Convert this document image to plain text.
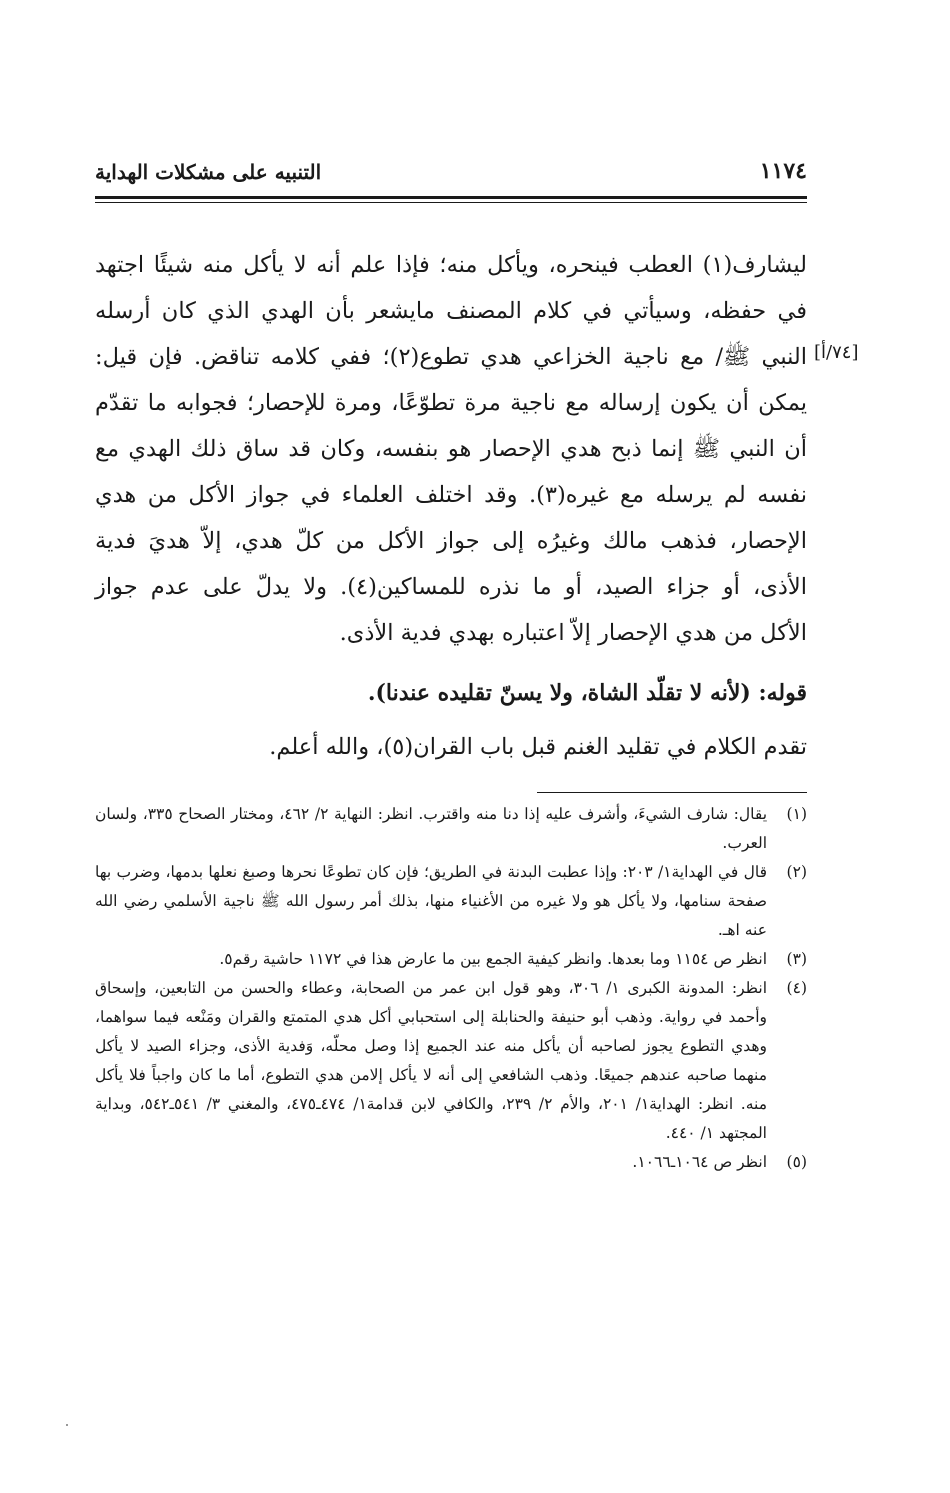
١١٧٤
التنبيه على مشكلات الهداية
[٧٤/أ]
ليشارف(١) العطب فينحره، ويأكل منه؛ فإذا علم أنه لا يأكل منه شيئًا اجتهد
في حفظه، وسيأتي في كلام المصنف مايشعر بأن الهدي الذي كان أرسله
النبي ﷺ/ مع ناجية الخزاعي هدي تطوع(٢)؛ ففي كلامه تناقض. فإن قيل:
يمكن أن يكون إرساله مع ناجية مرة تطوّعًا، ومرة للإحصار؛ فجوابه ما تقدّم
أن النبي ﷺ إنما ذبح هدي الإحصار هو بنفسه، وكان قد ساق ذلك الهدي مع
نفسه لم يرسله مع غيره(٣). وقد اختلف العلماء في جواز الأكل من هدي
الإحصار، فذهب مالك وغيرُه إلى جواز الأكل من كلّ هدي، إلاّ هديَ فدية
الأذى، أو جزاء الصيد، أو ما نذره للمساكين(٤). ولا يدلّ على عدم جواز
الأكل من هدي الإحصار إلاّ اعتباره بهدي فدية الأذى.
قوله: (لأنه لا تقلّد الشاة، ولا يسنّ تقليده عندنا).
تقدم الكلام في تقليد الغنم قبل باب القران(٥)، والله أعلم.
(١)
يقال: شارف الشيءَ، وأشرف عليه إذا دنا منه واقترب. انظر: النهاية ٢/ ٤٦٢، ومختار الصحاح ٣٣٥، ولسان العرب.
(٢)
قال في الهداية١/ ٢٠٣: وإذا عطبت البدنة في الطريق؛ فإن كان تطوعًا نحرها وصبغ نعلها بدمها، وضرب بها صفحة سنامها، ولا يأكل هو ولا غيره من الأغنياء منها، بذلك أمر رسول الله ﷺ ناجية الأسلمي رضي الله عنه اهـ.
(٣)
انظر ص ١١٥٤ وما بعدها. وانظر كيفية الجمع بين ما عارض هذا في ١١٧٢ حاشية رقم٥.
(٤)
انظر: المدونة الكبرى ١/ ٣٠٦، وهو قول ابن عمر من الصحابة، وعطاء والحسن من التابعين، وإسحاق وأحمد في رواية. وذهب أبو حنيفة والحنابلة إلى استحبابي أكل هدي المتمتع والقران ومَنْعه فيما سواهما، وهدي التطوع يجوز لصاحبه أن يأكل منه عند الجميع إذا وصل محلّه، وَفدية الأذى، وجزاء الصيد لا يأكل منهما صاحبه عندهم جميعًا. وذهب الشافعي إلى أنه لا يأكل إلامن هدي التطوع، أما ما كان واجباً فلا يأكل منه. انظر: الهداية١/ ٢٠١، والأم ٢/ ٢٣٩، والكافي لابن قدامة١/ ٤٧٤ـ٤٧٥، والمغني ٣/ ٥٤١ـ٥٤٢، وبداية المجتهد ١/ ٤٤٠.
(٥)
انظر ص ١٠٦٤ـ١٠٦٦.
